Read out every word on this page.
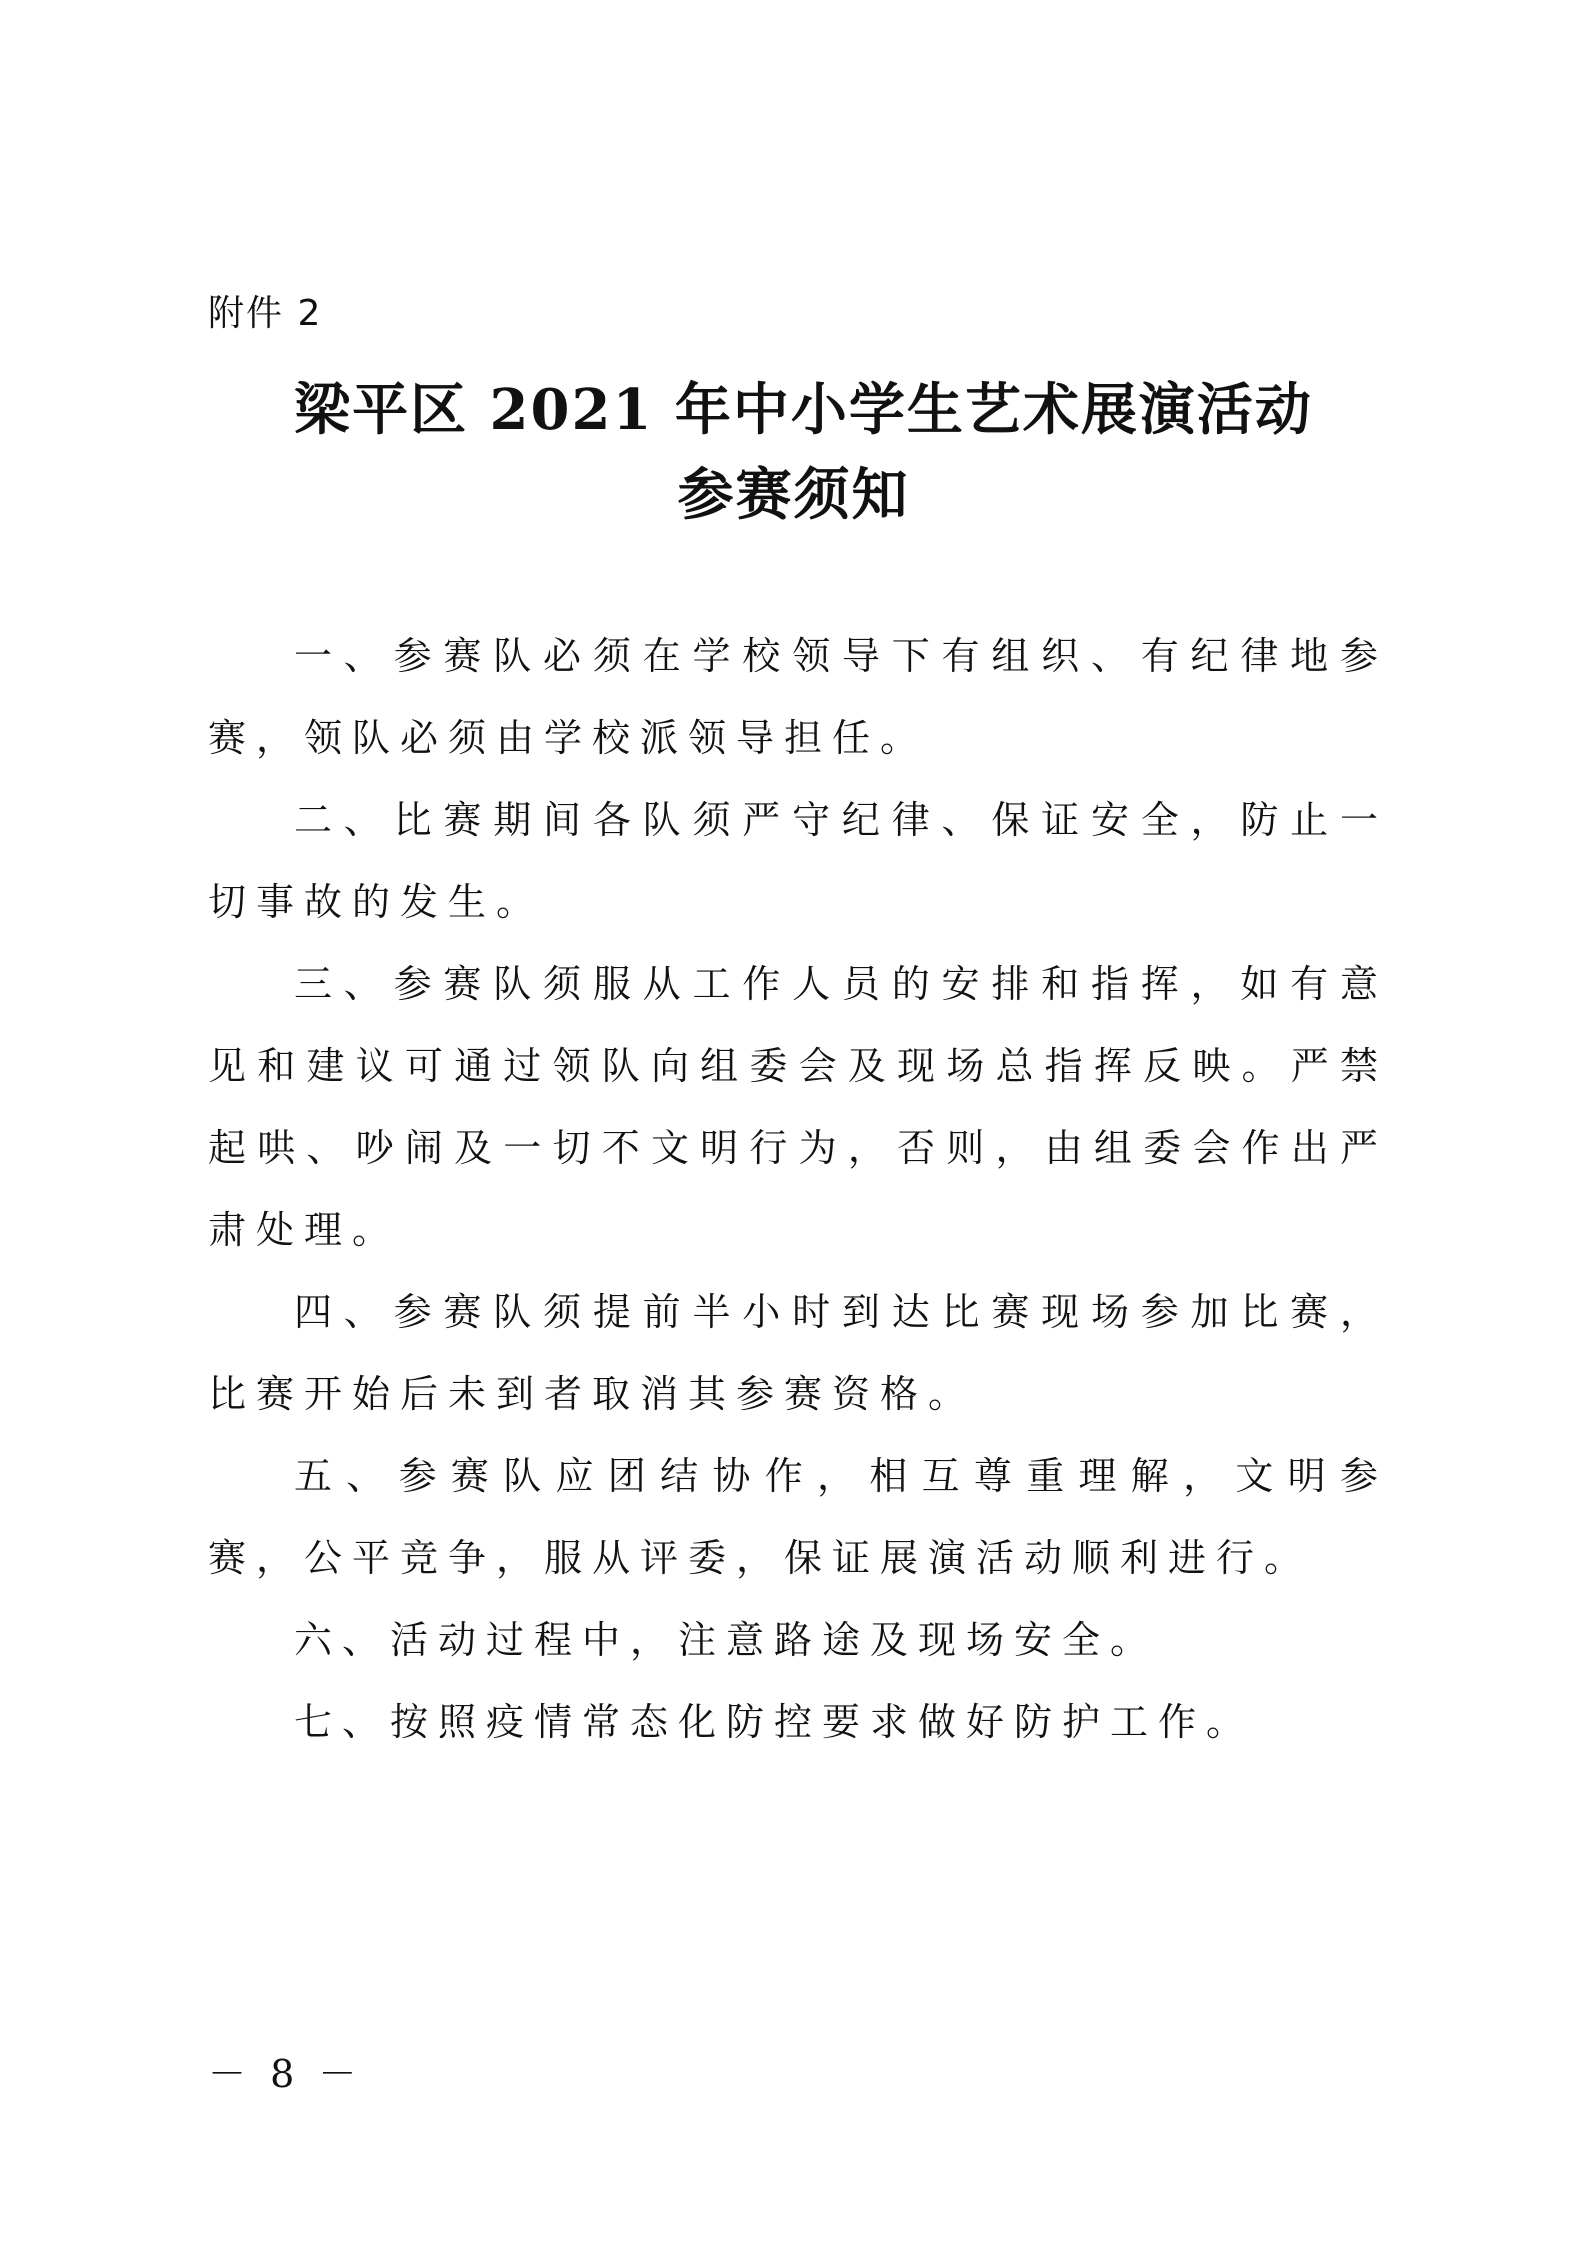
附件 2
梁平区 2021 年中小学生艺术展演活动
参赛须知

一、参赛队必须在学校领导下有组织、有纪律地参赛，领队必须由学校派领导担任。

二、比赛期间各队须严守纪律、保证安全，防止一切事故的发生。

三、参赛队须服从工作人员的安排和指挥，如有意见和建议可通过领队向组委会及现场总指挥反映。严禁起哄、吵闹及一切不文明行为，否则，由组委会作出严肃处理。

四、参赛队须提前半小时到达比赛现场参加比赛，比赛开始后未到者取消其参赛资格。

五、参赛队应团结协作，相互尊重理解，文明参赛，公平竞争，服从评委，保证展演活动顺利进行。

六、活动过程中，注意路途及现场安全。

七、按照疫情常态化防控要求做好防护工作。

－ 8 －
